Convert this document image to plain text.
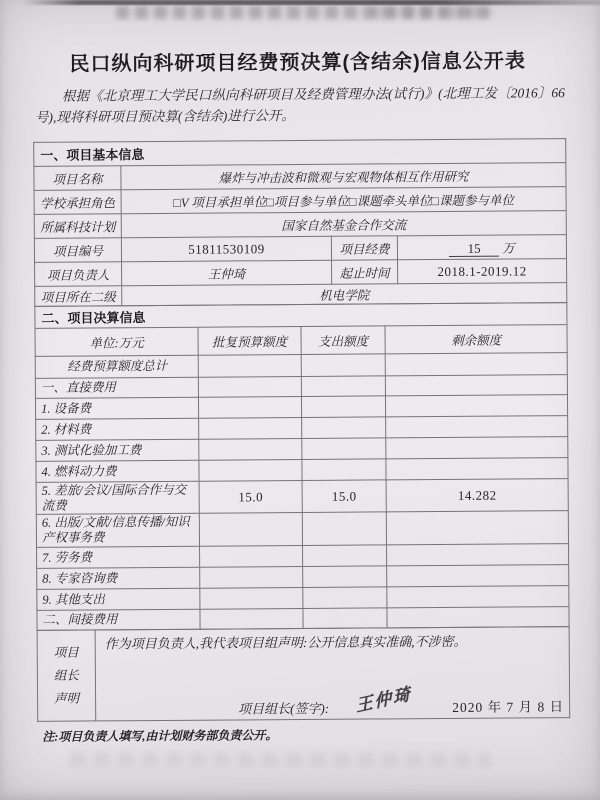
民口纵向科研项目经费预决算(含结余)信息公开表

根据《北京理工大学民口纵向科研项目及经费管理办法(试行)》(北理工发〔2016〕66 号),现将科研项目预决算(含结余)进行公开。

一、项目基本信息			
项目名称	爆炸与冲击波和微观与宏观物体相互作用研究		
学校承担角色	□V 项目承担单位□项目参与单位□课题牵头单位□课题参与单位		
所属科技计划	国家自然基金合作交流		
项目编号	51811530109	项目经费	15 万
项目负责人	王仲琦	起止时间	2018.1-2019.12
项目所在二级	机电学院		
二、项目决算信息			
单位:万元	批复预算额度	支出额度	剩余额度
经费预算额度总计			
一、直接费用			
1. 设备费			
2. 材料费			
3. 测试化验加工费			
4. 燃料动力费			
5. 差旅/会议/国际合作与交流费	15.0	15.0	14.282
6. 出版/文献/信息传播/知识产权事务费			
7. 劳务费			
8. 专家咨询费			
9. 其他支出			
二、间接费用			
项目
组长
声明	
作为项目负责人,我代表项目组声明:公开信息真实准确,不涉密。
项目组长(签字): 王仲琦	2020 年 7 月 8 日

注:项目负责人填写,由计划财务部负责公开。
